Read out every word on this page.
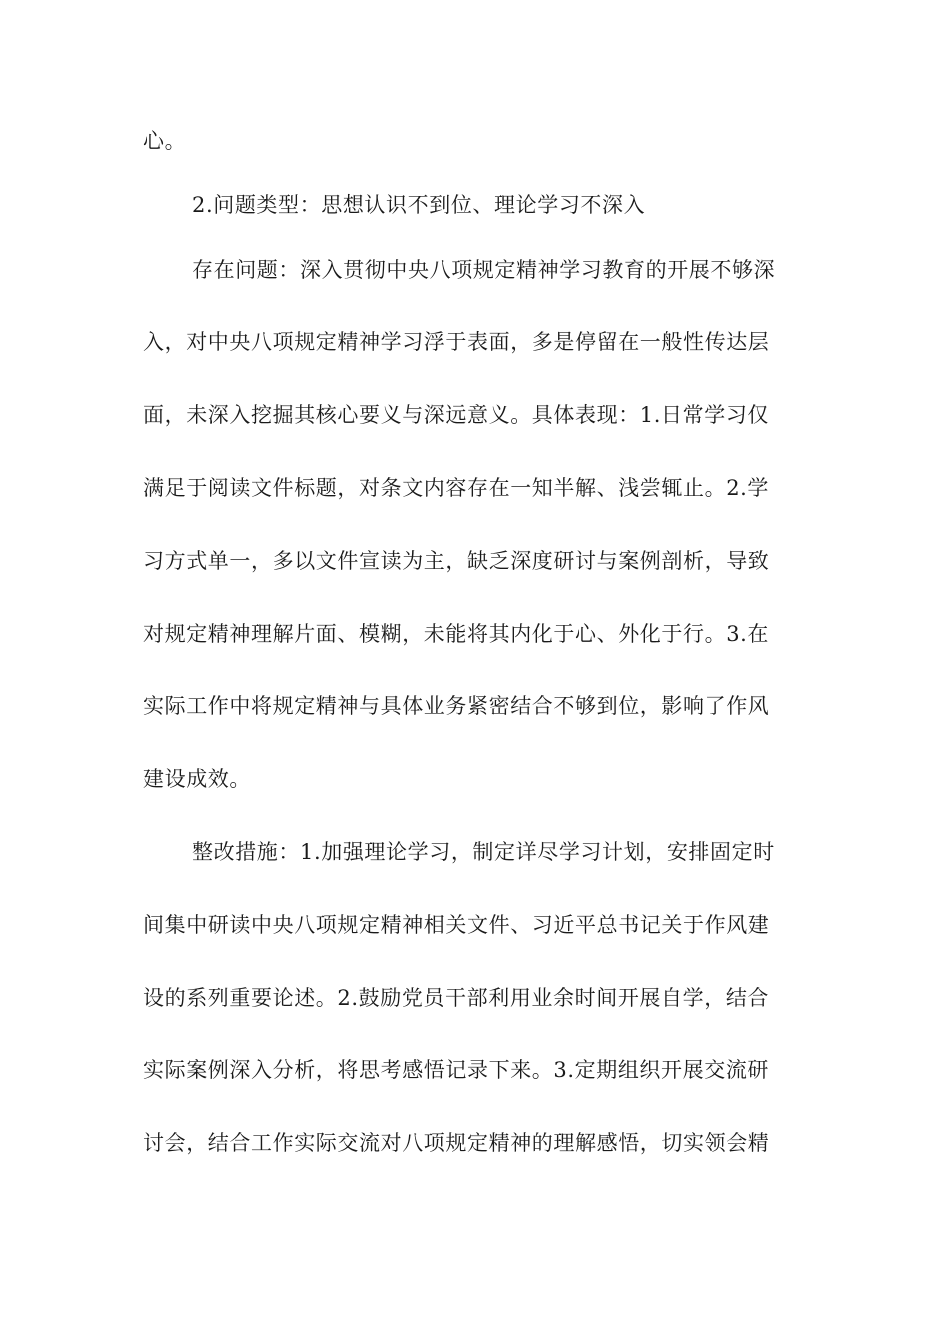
心。
2.问题类型：思想认识不到位、理论学习不深入
存在问题：深入贯彻中央八项规定精神学习教育的开展不够深
入，对中央八项规定精神学习浮于表面，多是停留在一般性传达层
面，未深入挖掘其核心要义与深远意义。具体表现：1.日常学习仅
满足于阅读文件标题，对条文内容存在一知半解、浅尝辄止。2.学
习方式单一，多以文件宣读为主，缺乏深度研讨与案例剖析，导致
对规定精神理解片面、模糊，未能将其内化于心、外化于行。3.在
实际工作中将规定精神与具体业务紧密结合不够到位，影响了作风
建设成效。
整改措施：1.加强理论学习，制定详尽学习计划，安排固定时
间集中研读中央八项规定精神相关文件、习近平总书记关于作风建
设的系列重要论述。2.鼓励党员干部利用业余时间开展自学，结合
实际案例深入分析，将思考感悟记录下来。3.定期组织开展交流研
讨会，结合工作实际交流对八项规定精神的理解感悟，切实领会精
